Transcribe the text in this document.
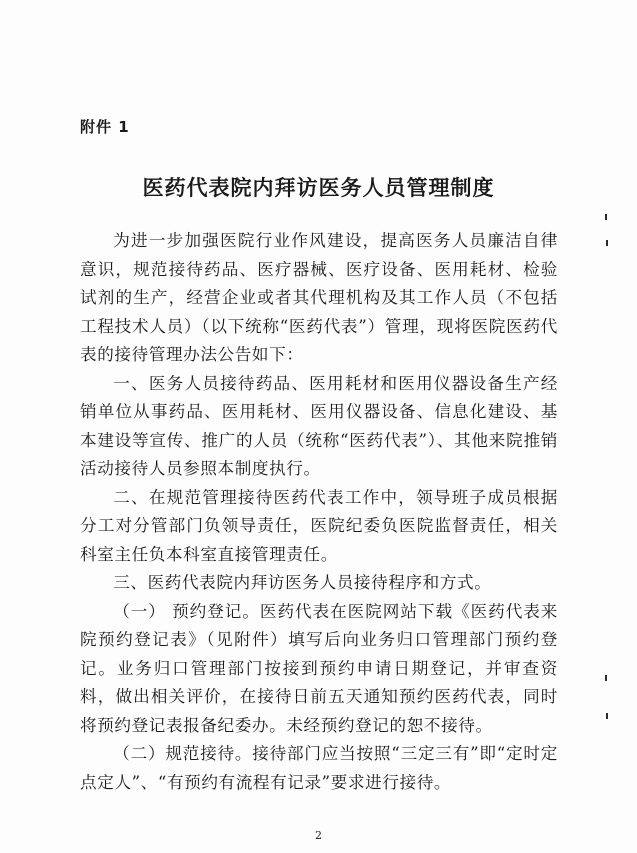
附件 1
医药代表院内拜访医务人员管理制度

为进一步加强医院行业作风建设，提高医务人员廉洁自律意识，规范接待药品、医疗器械、医疗设备、医用耗材、检验试剂的生产，经营企业或者其代理机构及其工作人员（不包括工程技术人员）（以下统称“医药代表”）管理，现将医院医药代表的接待管理办法公告如下：

一、医务人员接待药品、医用耗材和医用仪器设备生产经销单位从事药品、医用耗材、医用仪器设备、信息化建设、基本建设等宣传、推广的人员（统称“医药代表”）、其他来院推销活动接待人员参照本制度执行。

二、在规范管理接待医药代表工作中，领导班子成员根据分工对分管部门负领导责任，医院纪委负医院监督责任，相关科室主任负本科室直接管理责任。

三、医药代表院内拜访医务人员接待程序和方式。

（一） 预约登记。医药代表在医院网站下载《医药代表来院预约登记表》（见附件）填写后向业务归口管理部门预约登记。业务归口管理部门按接到预约申请日期登记，并审查资料，做出相关评价，在接待日前五天通知预约医药代表，同时将预约登记表报备纪委办。未经预约登记的恕不接待。

（二）规范接待。接待部门应当按照“三定三有”即“定时定点定人”、“有预约有流程有记录”要求进行接待。

2
